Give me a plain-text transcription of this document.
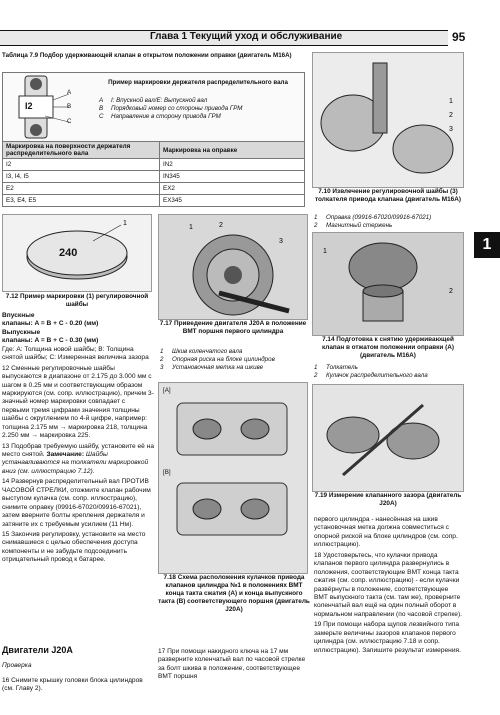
Глава 1 Текущий уход и обслуживание	95
1
Таблица 7.9 Подбор удерживающей клапан в открытом положении оправки (двигатель M16A)
I2
A
B
C
Пример маркировки держателя распределительного вала
A I: Впускной вал/E: Выпускной вал
B Порядковый номер со стороны привода ГРМ
C Направление в сторону привода ГРМ
Маркировка на поверхности держателя распределительного вала	Маркировка на оправке
I2	IN2
I3, I4, I5	IN345
E2	EX2
E3, E4, E5	EX345
1
240
7.12 Пример маркировки (1) регулировочной шайбы
Впускные
клапаны: A = B + C - 0.20 (мм)
Выпускные
клапаны: A = B + C - 0.30 (мм)
Где: A: Толщина новой шайбы; B: Толщина снятой шайбы; C: Измеренная величина зазора
12 Сменные регулировочные шайбы выпускаются в диапазоне от 2.175 до 3.000 мм с шагом в 0.25 мм и соответствующим образом маркируются (см. сопр. иллюстрацию), причем 3-значный номер маркировки совпадает с первыми тремя цифрами значения толщины шайбы с округлением по 4-й цифре, например: толщина 2.175 мм → маркировка 218, толщина 2.250 мм → маркировка 225.
13 Подобрав требуемую шайбу, установите её на место снятой. Замечание: Шайбы устанавливаются на толкатели маркировкой вниз (см. иллюстрацию 7.12).
14 Развернув распределительный вал ПРОТИВ ЧАСОВОЙ СТРЕЛКИ, отожмите клапан рабочим выступом кулачка (см. сопр. иллюстрацию), снимите оправку (09916-67020/09916-67021), затем вверните болты крепления держателя и затяните их с требуемым усилием (11 Нм).
15 Закончив регулировку, установите на место снимавшиеся с целью обеспечения доступа компоненты и не забудьте подсоединить отрицательный провод к батарее.
Двигатели J20A
Проверка
16 Снимите крышку головки блока цилиндров (см. Главу 2).
1	2
3
7.17 Приведение двигателя J20A в положение ВМТ поршня первого цилиндра
1 Шкив коленчатого вала
2 Опорная риска на блоке цилиндров
3 Установочная метка на шкиве
[A]
[B]
7.18 Схема расположения кулачков привода клапанов цилиндра №1 в положениях ВМТ конца такта сжатия (А) и конца выпускного такта (В) соответствующего поршня (двигатель J20A)
17 При помощи накидного ключа на 17 мм разверните коленчатый вал по часовой стрелке за болт шкива в положение, соответствующее ВМТ поршня
1
2
3
7.10 Извлечение регулировочной шайбы (3) толкателя привода клапана (двигатель M16A)
1 Оправка (09916-67020/09916-67021)
2 Магнитный стержень
1
2
7.14 Подготовка к снятию удерживающей клапан в отжатом положении оправки (А) (двигатель M16A)
1 Толкатель
2 Кулачок распределительного вала
7.19 Измерение клапанного зазора (двигатель J20A)
первого цилиндра - нанесённая на шкив установочная метка должна совместиться с опорной риской на блоке цилиндров (см. сопр. иллюстрацию).
18 Удостоверьтесь, что кулачки привода клапанов первого цилиндра развернулись в положения, соответствующие ВМТ конца такта сжатия (см. сопр. иллюстрацию) - если кулачки развёрнуты в положение, соответствующее ВМТ выпускного такта (см. там же), проверните коленчатый вал ещё на один полный оборот в нормальном направлении (по часовой стрелке).
19 При помощи набора щупов лезвийного типа замерьте величины зазоров клапанов первого цилиндра (см. иллюстрацию 7.18 и сопр. иллюстрацию). Запишите результат измерения.
